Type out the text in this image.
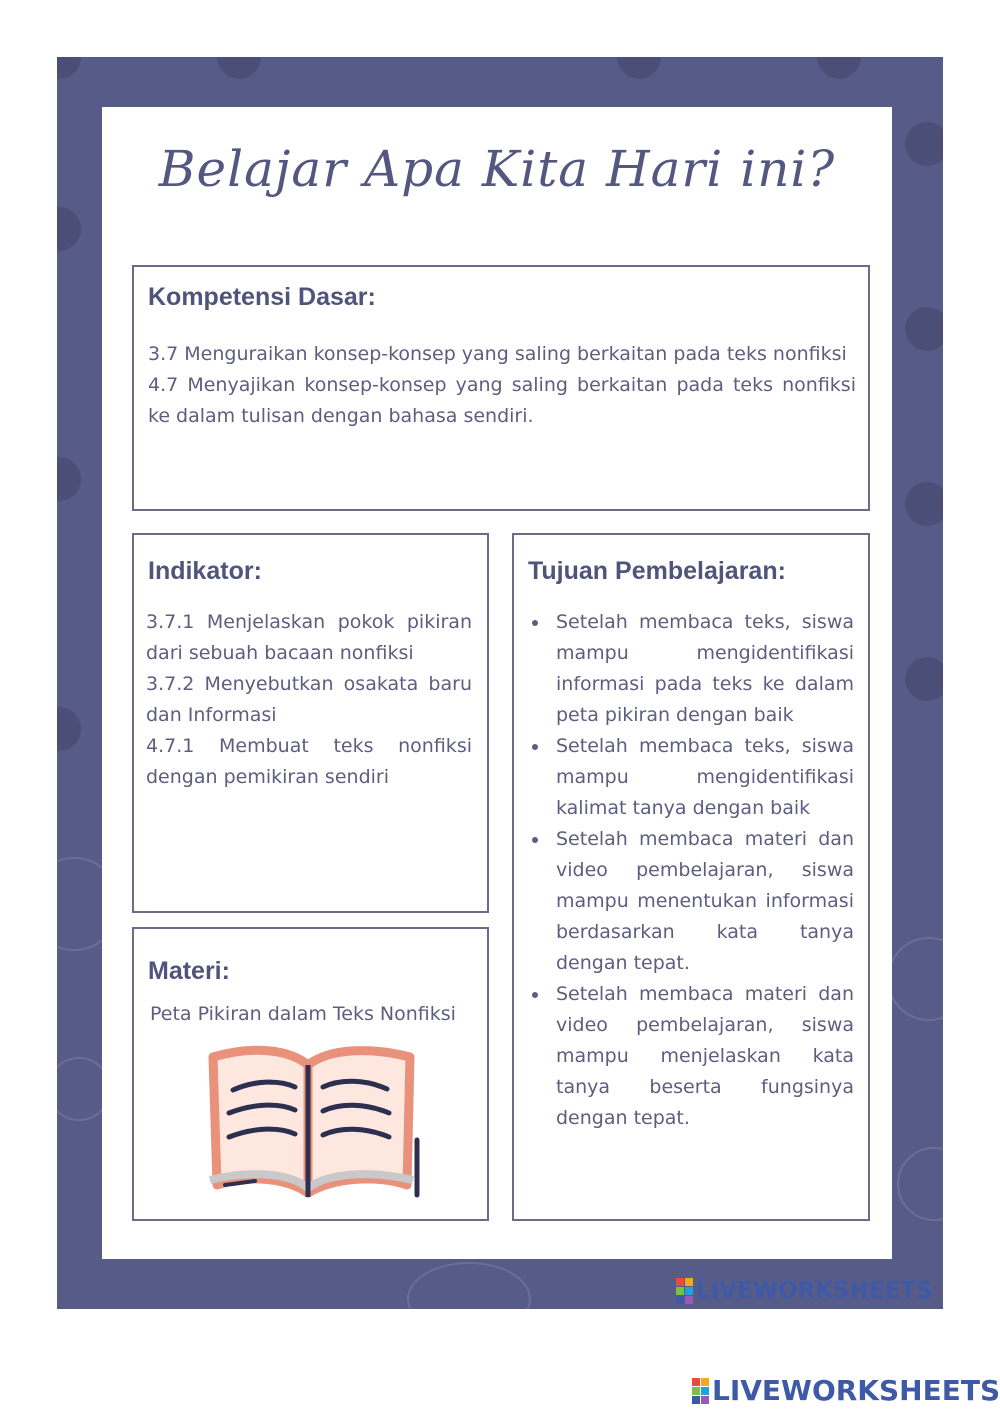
Belajar Apa Kita Hari ini?
Kompetensi Dasar:
3.7 Menguraikan konsep-konsep yang saling berkaitan pada teks nonfiksi
4.7 Menyajikan konsep-konsep yang saling berkaitan pada teks nonfiksi ke dalam tulisan dengan bahasa sendiri.
Indikator:
3.7.1 Menjelaskan pokok pikiran dari sebuah bacaan nonfiksi
3.7.2 Menyebutkan osakata baru dan Informasi
4.7.1 Membuat teks nonfiksi dengan pemikiran sendiri
Materi:
Peta Pikiran dalam Teks Nonfiksi
Tujuan Pembelajaran:
• Setelah membaca teks, siswa mampu mengidentifikasi informasi pada teks ke dalam peta pikiran dengan baik
• Setelah membaca teks, siswa mampu mengidentifikasi kalimat tanya dengan baik
• Setelah membaca materi dan video pembelajaran, siswa mampu menentukan informasi berdasarkan kata tanya dengan tepat.
• Setelah membaca materi dan video pembelajaran, siswa mampu menjelaskan kata tanya beserta fungsinya dengan tepat.
LIVEWORKSHEETS
LIVEWORKSHEETS
